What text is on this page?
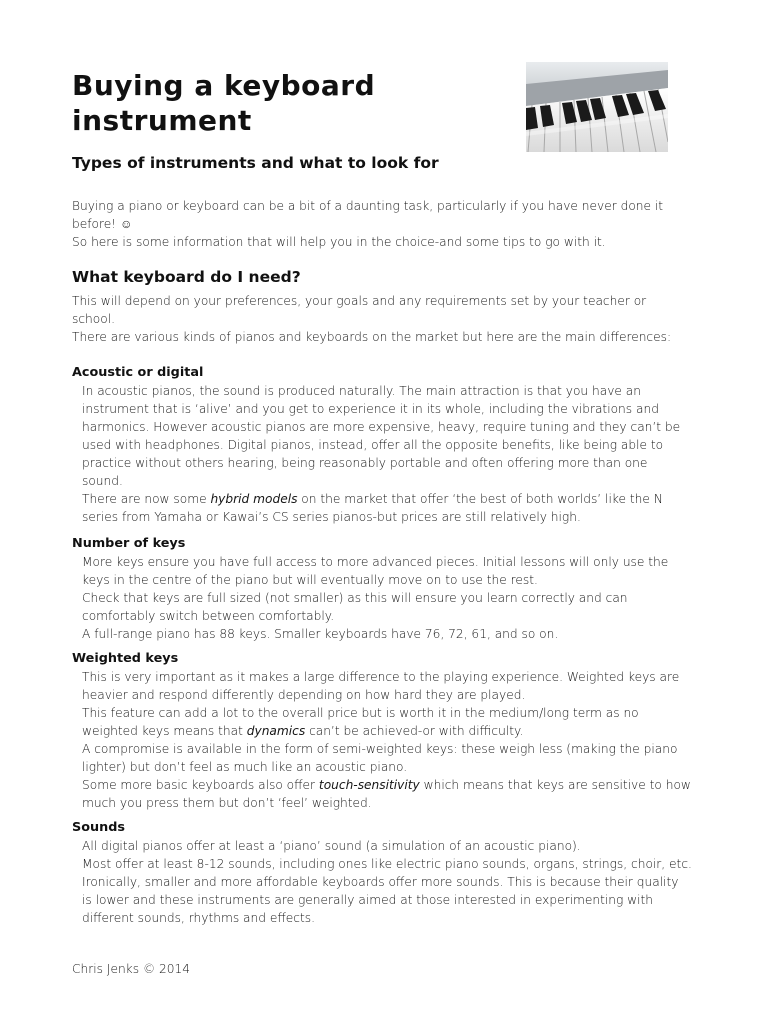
Buying a keyboard instrument
Types of instruments and what to look for

Buying a piano or keyboard can be a bit of a daunting task, particularly if you have never done it before! ☺

So here is some information that will help you in the choice-and some tips to go with it.

What keyboard do I need?

This will depend on your preferences, your goals and any requirements set by your teacher or school.

There are various kinds of pianos and keyboards on the market but here are the main differences:

Acoustic or digital

In acoustic pianos, the sound is produced naturally. The main attraction is that you have an instrument that is ‘alive’ and you get to experience it in its whole, including the vibrations and harmonics. However acoustic pianos are more expensive, heavy, require tuning and they can’t be used with headphones. Digital pianos, instead, offer all the opposite benefits, like being able to practice without others hearing, being reasonably portable and often offering more than one sound.

There are now some hybrid models on the market that offer ‘the best of both worlds’ like the N series from Yamaha or Kawai’s CS series pianos-but prices are still relatively high.

Number of keys

More keys ensure you have full access to more advanced pieces. Initial lessons will only use the keys in the centre of the piano but will eventually move on to use the rest.

Check that keys are full sized (not smaller) as this will ensure you learn correctly and can comfortably switch between comfortably.

A full-range piano has 88 keys. Smaller keyboards have 76, 72, 61, and so on.

Weighted keys

This is very important as it makes a large difference to the playing experience. Weighted keys are heavier and respond differently depending on how hard they are played.

This feature can add a lot to the overall price but is worth it in the medium/long term as no weighted keys means that dynamics can’t be achieved-or with difficulty.

A compromise is available in the form of semi-weighted keys: these weigh less (making the piano lighter) but don’t feel as much like an acoustic piano.

Some more basic keyboards also offer touch-sensitivity which means that keys are sensitive to how much you press them but don’t ‘feel’ weighted.

Sounds

All digital pianos offer at least a ‘piano’ sound (a simulation of an acoustic piano).

Most offer at least 8-12 sounds, including ones like electric piano sounds, organs, strings, choir, etc.

Ironically, smaller and more affordable keyboards offer more sounds. This is because their quality is lower and these instruments are generally aimed at those interested in experimenting with different sounds, rhythms and effects.

Chris Jenks © 2014
